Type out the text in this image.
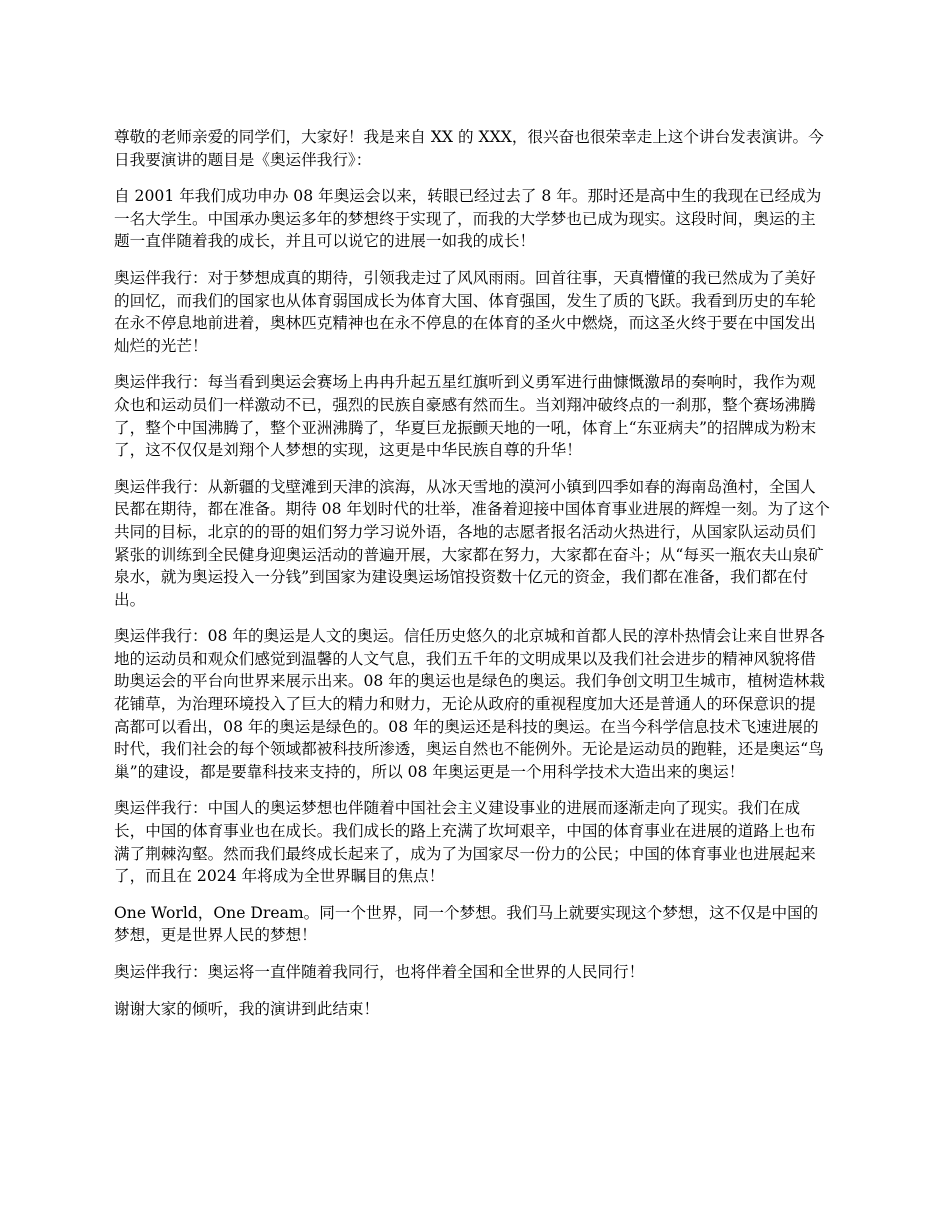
尊敬的老师亲爱的同学们，大家好！我是来自 XX 的 XXX，很兴奋也很荣幸走上这个讲台发表演讲。今日我要演讲的题目是《奥运伴我行》：

自 2001 年我们成功申办 08 年奥运会以来，转眼已经过去了 8 年。那时还是高中生的我现在已经成为一名大学生。中国承办奥运多年的梦想终于实现了，而我的大学梦也已成为现实。这段时间，奥运的主题一直伴随着我的成长，并且可以说它的进展一如我的成长！

奥运伴我行：对于梦想成真的期待，引领我走过了风风雨雨。回首往事，天真懵懂的我已然成为了美好的回忆，而我们的国家也从体育弱国成长为体育大国、体育强国，发生了质的飞跃。我看到历史的车轮在永不停息地前进着，奥林匹克精神也在永不停息的在体育的圣火中燃烧，而这圣火终于要在中国发出灿烂的光芒！

奥运伴我行：每当看到奥运会赛场上冉冉升起五星红旗听到义勇军进行曲慷慨激昂的奏响时，我作为观众也和运动员们一样激动不已，强烈的民族自豪感有然而生。当刘翔冲破终点的一刹那，整个赛场沸腾了，整个中国沸腾了，整个亚洲沸腾了，华夏巨龙振颤天地的一吼，体育上“东亚病夫”的招牌成为粉末了，这不仅仅是刘翔个人梦想的实现，这更是中华民族自尊的升华！

奥运伴我行：从新疆的戈壁滩到天津的滨海，从冰天雪地的漠河小镇到四季如春的海南岛渔村，全国人民都在期待，都在准备。期待 08 年划时代的壮举，准备着迎接中国体育事业进展的辉煌一刻。为了这个共同的目标，北京的的哥的姐们努力学习说外语，各地的志愿者报名活动火热进行，从国家队运动员们紧张的训练到全民健身迎奥运活动的普遍开展，大家都在努力，大家都在奋斗；从“每买一瓶农夫山泉矿泉水，就为奥运投入一分钱”到国家为建设奥运场馆投资数十亿元的资金，我们都在准备，我们都在付出。

奥运伴我行：08 年的奥运是人文的奥运。信任历史悠久的北京城和首都人民的淳朴热情会让来自世界各地的运动员和观众们感觉到温馨的人文气息，我们五千年的文明成果以及我们社会进步的精神风貌将借助奥运会的平台向世界来展示出来。08 年的奥运也是绿色的奥运。我们争创文明卫生城市，植树造林栽花铺草，为治理环境投入了巨大的精力和财力，无论从政府的重视程度加大还是普通人的环保意识的提高都可以看出，08 年的奥运是绿色的。08 年的奥运还是科技的奥运。在当今科学信息技术飞速进展的时代，我们社会的每个领域都被科技所渗透，奥运自然也不能例外。无论是运动员的跑鞋，还是奥运“鸟巢”的建设，都是要靠科技来支持的，所以 08 年奥运更是一个用科学技术大造出来的奥运！

奥运伴我行：中国人的奥运梦想也伴随着中国社会主义建设事业的进展而逐渐走向了现实。我们在成长，中国的体育事业也在成长。我们成长的路上充满了坎坷艰辛，中国的体育事业在进展的道路上也布满了荆棘沟壑。然而我们最终成长起来了，成为了为国家尽一份力的公民；中国的体育事业也进展起来了，而且在 2024 年将成为全世界瞩目的焦点！

One World，One Dream。同一个世界，同一个梦想。我们马上就要实现这个梦想，这不仅是中国的梦想，更是世界人民的梦想！

奥运伴我行：奥运将一直伴随着我同行，也将伴着全国和全世界的人民同行！

谢谢大家的倾听，我的演讲到此结束！
